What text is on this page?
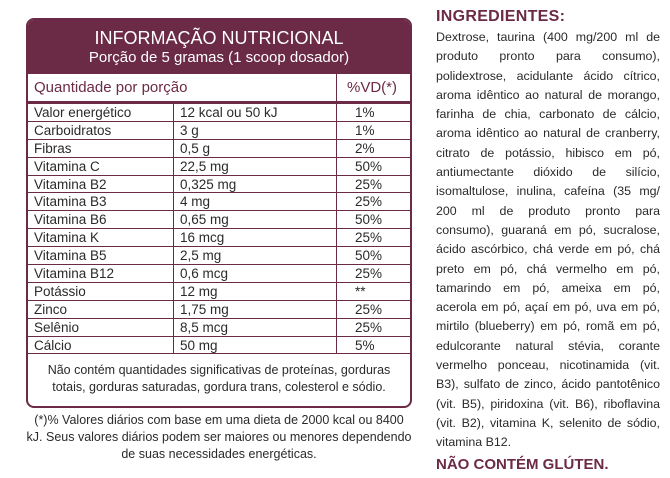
INFORMAÇÃO NUTRICIONAL
Porção de 5 gramas (1 scoop dosador)
Quantidade por porção		%VD(*)
Valor energético	12 kcal ou 50 kJ	1%
Carboidratos	3 g	1%
Fibras	0,5 g	2%
Vitamina C	22,5 mg	50%
Vitamina B2	0,325 mg	25%
Vitamina B3	4 mg	25%
Vitamina B6	0,65 mg	50%
Vitamina K	16 mcg	25%
Vitamina B5	2,5 mg	50%
Vitamina B12	0,6 mcg	25%
Potássio	12 mg	**
Zinco	1,75 mg	25%
Selênio	8,5 mcg	25%
Cálcio	50 mg	5%
Não contém quantidades significativas de proteínas, gorduras totais, gorduras saturadas, gordura trans, colesterol e sódio.
(*)% Valores diários com base em uma dieta de 2000 kcal ou 8400 kJ. Seus valores diários podem ser maiores ou menores dependendo de suas necessidades energéticas.
INGREDIENTES:

Dextrose, taurina (400 mg/200 ml de produto pronto para consumo), polidextrose, acidulante ácido cítrico, aroma idêntico ao natural de morango, farinha de chia, carbonato de cálcio, aroma idêntico ao natural de cranberry, citrato de potássio, hibisco em pó, antiumectante dióxido de silício, isomaltulose, inulina, cafeína (35 mg/ 200 ml de produto pronto para consumo), guaraná em pó, sucralose, ácido ascórbico, chá verde em pó, chá preto em pó, chá vermelho em pó, tamarindo em pó, ameixa em pó, acerola em pó, açaí em pó, uva em pó, mirtilo (blueberry) em pó, romã em pó, edulcorante natural stévia, corante vermelho ponceau, nicotinamida (vit. B3), sulfato de zinco, ácido pantotênico (vit. B5), piridoxina (vit. B6), riboflavina (vit. B2), vitamina K, selenito de sódio, vitamina B12.

NÃO CONTÉM GLÚTEN.
